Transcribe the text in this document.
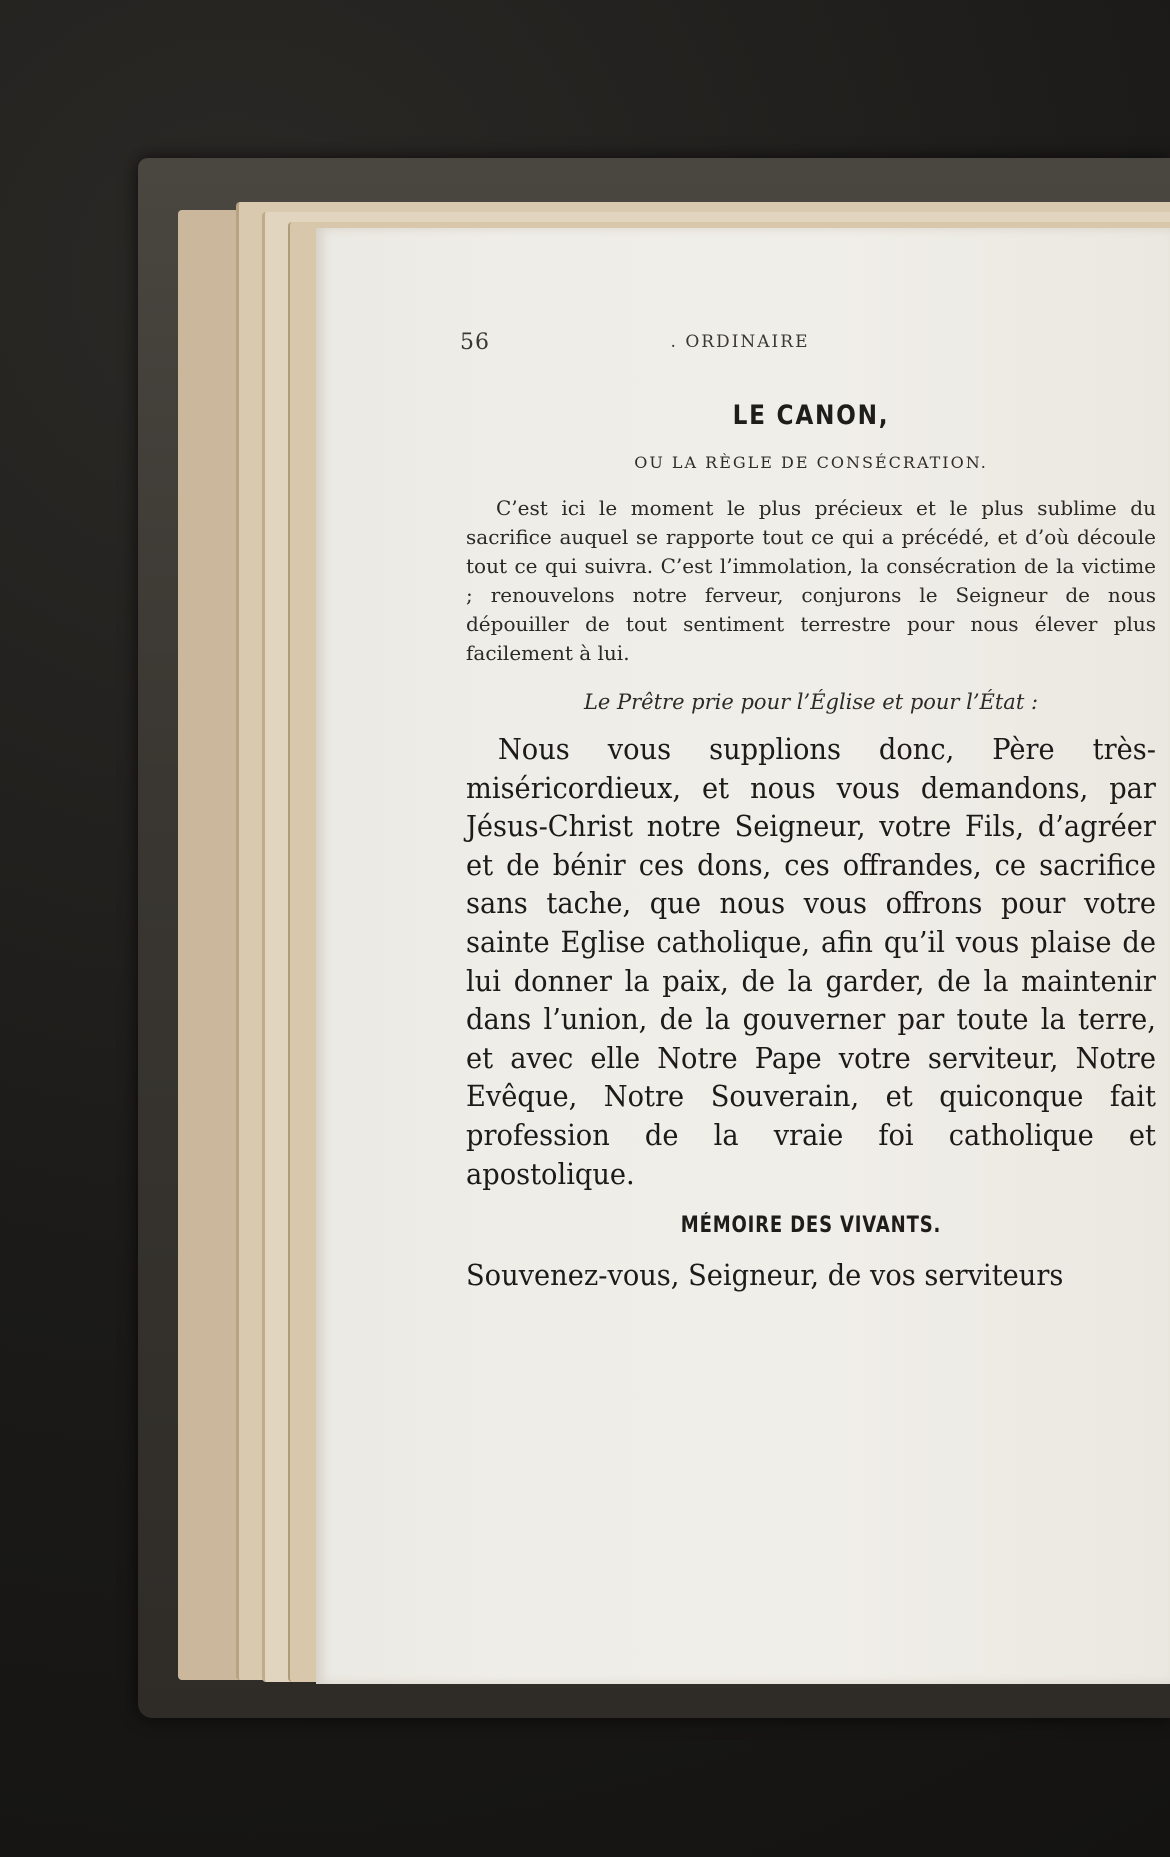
56	. ORDINAIRE
LE CANON,

OU LA RÈGLE DE CONSÉCRATION.

C’est ici le moment le plus précieux et le plus sublime du sacrifice auquel se rapporte tout ce qui a précédé, et d’où découle tout ce qui suivra. C’est l’immolation, la consécration de la victime ; renouvelons notre ferveur, conjurons le Seigneur de nous dépouiller de tout sentiment terrestre pour nous élever plus facilement à lui.

Le Prêtre prie pour l’Église et pour l’État :

Nous vous supplions donc, Père très-miséricordieux, et nous vous demandons, par Jésus-Christ notre Seigneur, votre Fils, d’agréer et de bénir ces dons, ces offrandes, ce sacrifice sans tache, que nous vous offrons pour votre sainte Eglise catholique, afin qu’il vous plaise de lui donner la paix, de la garder, de la maintenir dans l’union, de la gouverner par toute la terre, et avec elle Notre Pape votre serviteur, Notre Evêque, Notre Souverain, et quiconque fait profession de la vraie foi catholique et apostolique.

MÉMOIRE DES VIVANTS.

Souvenez-vous, Seigneur, de vos serviteurs
